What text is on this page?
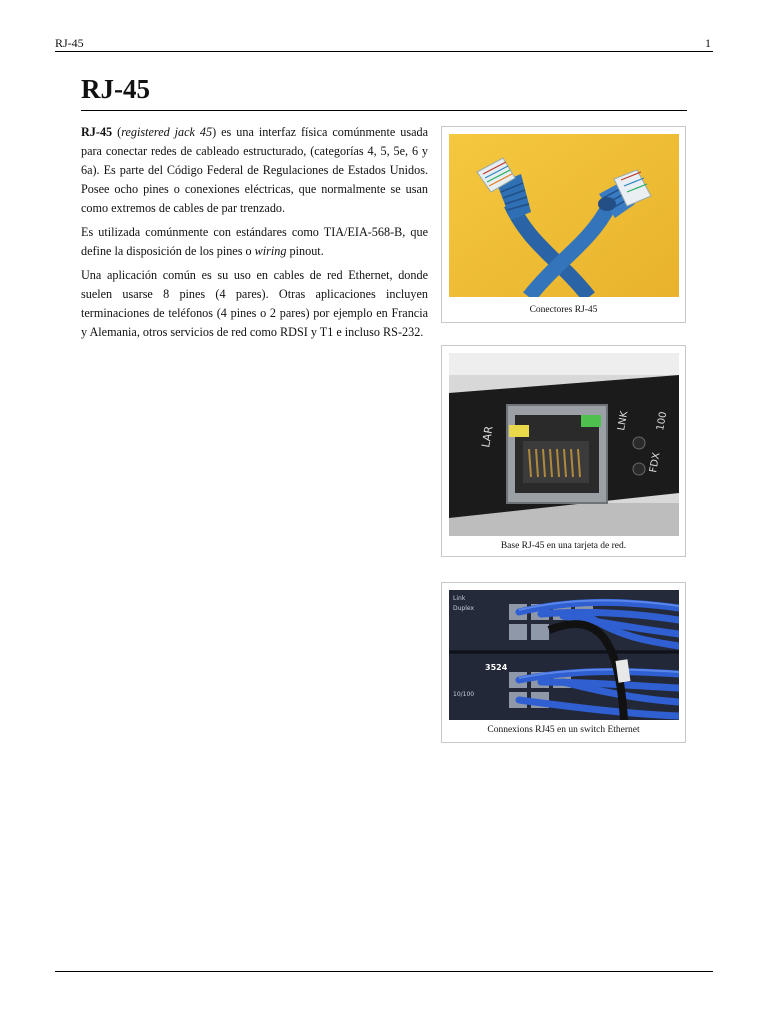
RJ-45	1
RJ-45

RJ-45 (registered jack 45) es una interfaz física comúnmente usada para conectar redes de cableado estructurado, (categorías 4, 5, 5e, 6 y 6a). Es parte del Código Federal de Regulaciones de Estados Unidos. Posee ocho pines o conexiones eléctricas, que normalmente se usan como extremos de cables de par trenzado.

Es utilizada comúnmente con estándares como TIA/EIA-568-B, que define la disposición de los pines o wiring pinout.

Una aplicación común es su uso en cables de red Ethernet, donde suelen usarse 8 pines (4 pares). Otras aplicaciones incluyen terminaciones de teléfonos (4 pines o 2 pares) por ejemplo en Francia y Alemania, otros servicios de red como RDSI y T1 e incluso RS-232.

Conectores RJ-45
LAR
LNK
FDX
100
Base RJ-45 en una tarjeta de red.
Link
Duplex
3524
10/100
Connexions RJ45 en un switch Ethernet
